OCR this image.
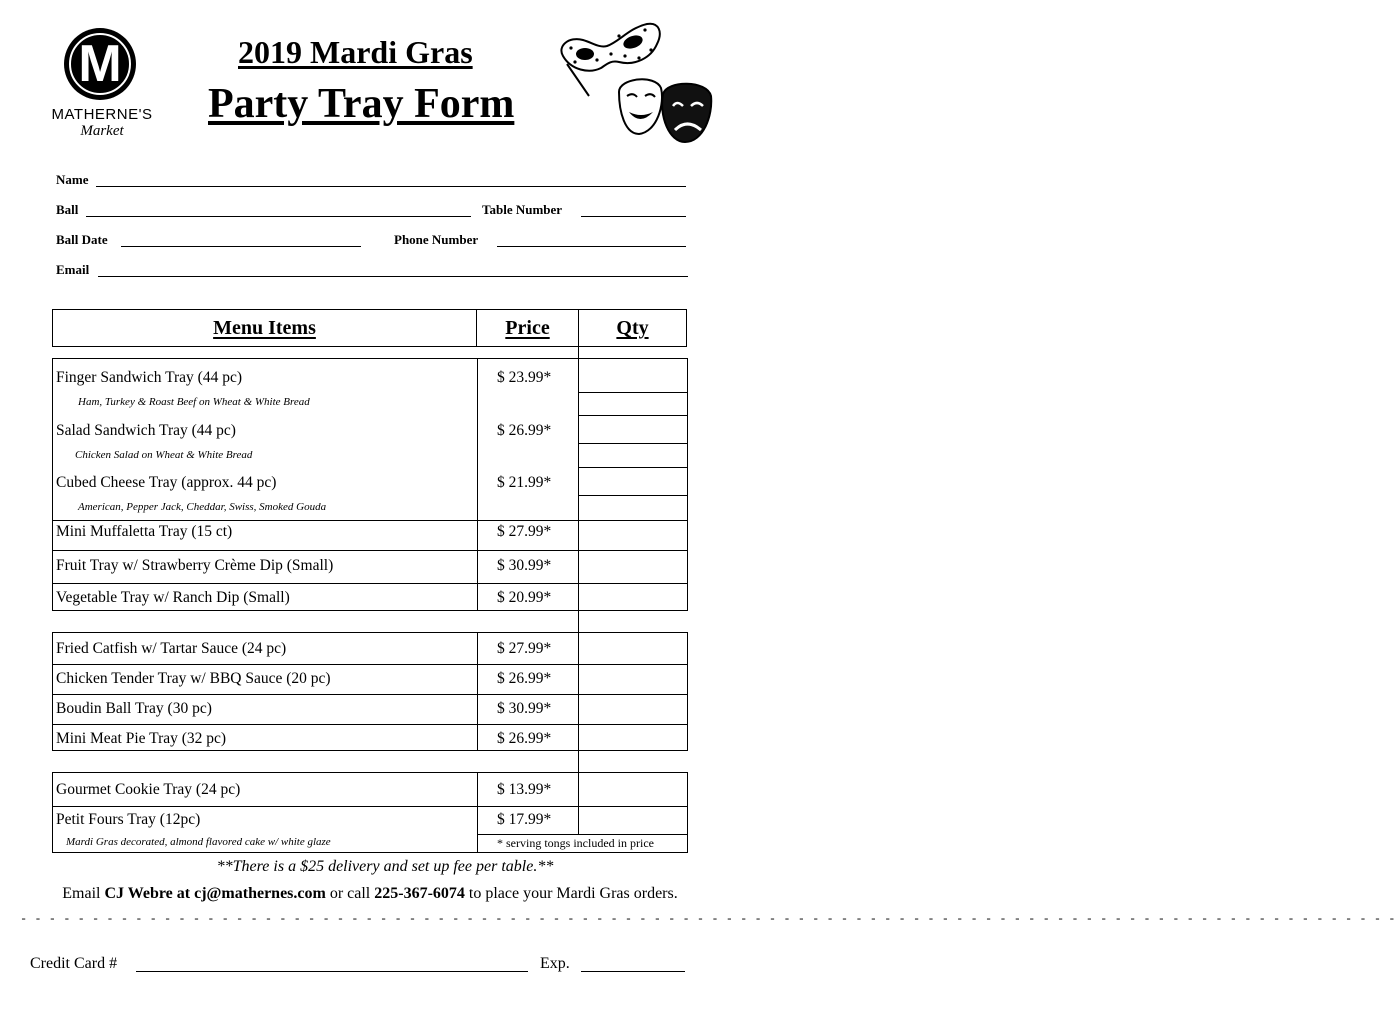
M
MATHERNE'S
Market
2019 Mardi Gras
Party Tray Form
Name
Ball	Table Number
Ball Date	Phone Number
Email
Menu Items	Price	Qty
Finger Sandwich Tray (44 pc)	$ 23.99*
Ham, Turkey & Roast Beef on Wheat & White Bread
Salad Sandwich Tray (44 pc)	$ 26.99*
Chicken Salad on Wheat & White Bread
Cubed Cheese Tray (approx. 44 pc)	$ 21.99*
American, Pepper Jack, Cheddar, Swiss, Smoked Gouda
Mini Muffaletta Tray (15 ct)	$ 27.99*
Fruit Tray w/ Strawberry Crème Dip (Small)	$ 30.99*
Vegetable Tray w/ Ranch Dip (Small)	$ 20.99*
Fried Catfish w/ Tartar Sauce (24 pc)	$ 27.99*
Chicken Tender Tray w/ BBQ Sauce (20 pc)	$ 26.99*
Boudin Ball Tray (30 pc)	$ 30.99*
Mini Meat Pie Tray (32 pc)	$ 26.99*
Gourmet Cookie Tray (24 pc)	$ 13.99*
Petit Fours Tray (12pc)	$ 17.99*
Mardi Gras decorated, almond flavored cake w/ white glaze	* serving tongs included in price
**There is a $25 delivery and set up fee per table.**
Email CJ Webre at cj@mathernes.com or call 225-367-6074 to place your Mardi Gras orders.
- - - - - - - - - - - - - - - - - - - - - - - - - - - - - - - - - - - - - - - - - - - - - - - - - - - - - - - - - - - - - - - - - - - - - - - - - - - - - - - - - - - - - - - - - - - - - - - -
Credit Card #	Exp.
